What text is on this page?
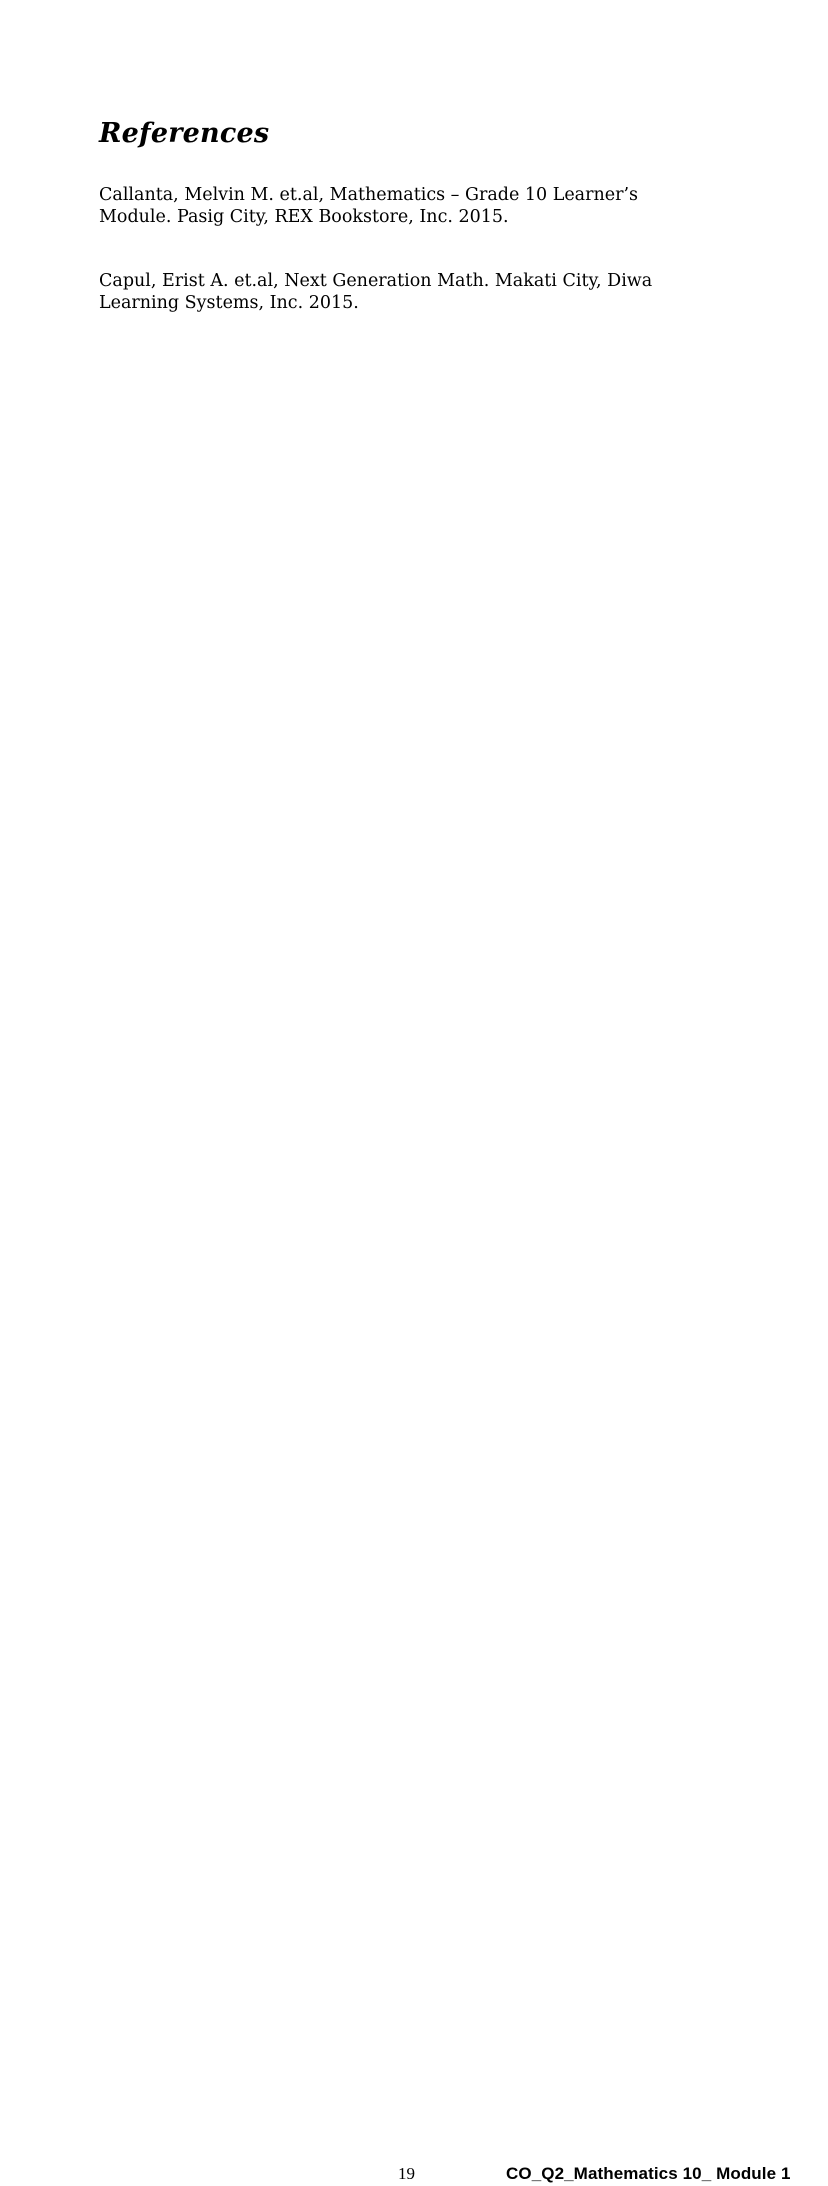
References

Callanta, Melvin M. et.al, Mathematics – Grade 10 Learner’s Module. Pasig City, REX Bookstore, Inc. 2015.

Capul, Erist A. et.al, Next Generation Math. Makati City, Diwa Learning Systems, Inc. 2015.

19	CO_Q2_Mathematics 10_ Module 1
